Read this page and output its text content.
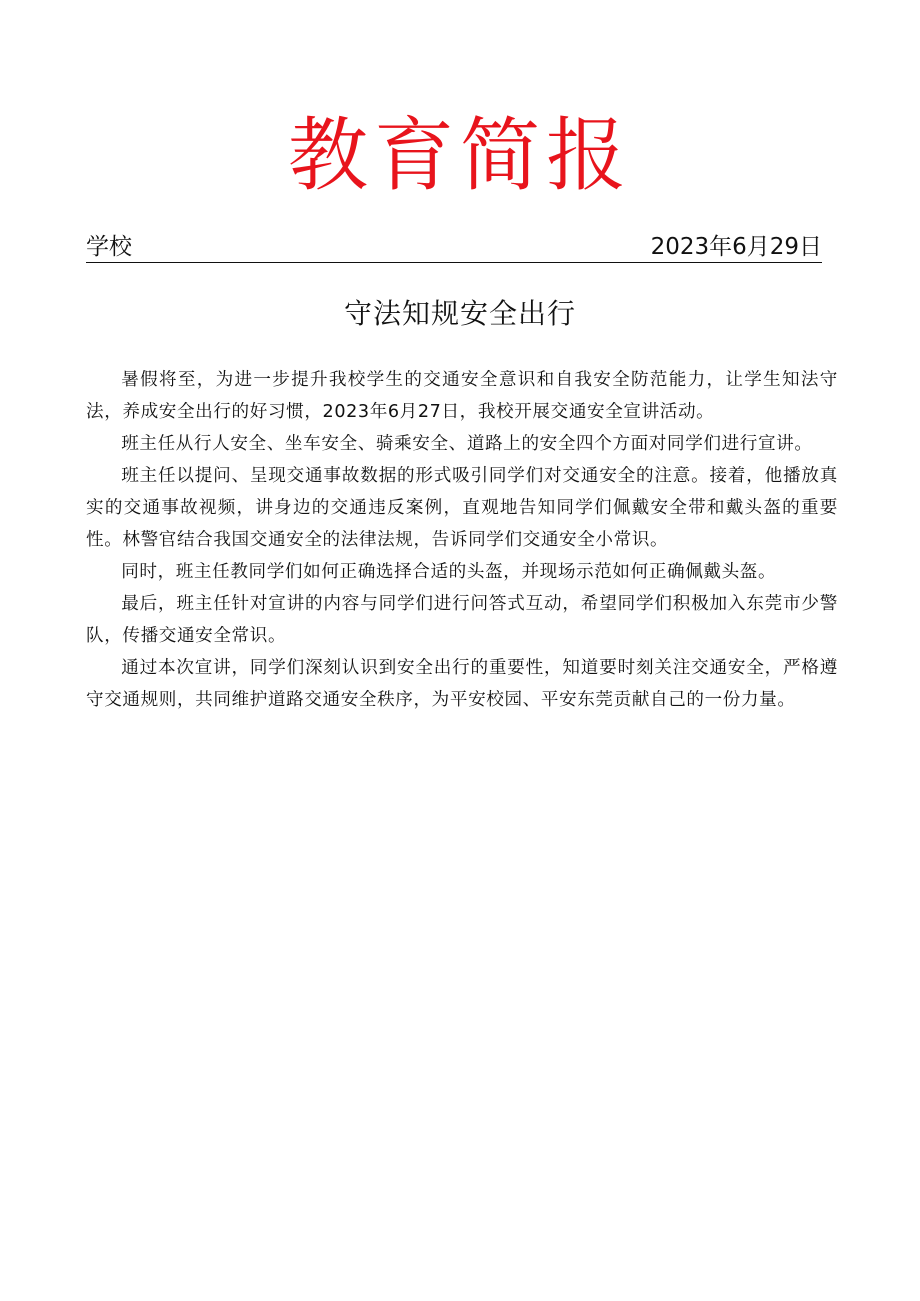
教育简报
学校	2023年6月29日
守法知规安全出行

暑假将至，为进一步提升我校学生的交通安全意识和自我安全防范能力，让学生知法守法，养成安全出行的好习惯，2023年6月27日，我校开展交通安全宣讲活动。

班主任从行人安全、坐车安全、骑乘安全、道路上的安全四个方面对同学们进行宣讲。

班主任以提问、呈现交通事故数据的形式吸引同学们对交通安全的注意。接着，他播放真实的交通事故视频，讲身边的交通违反案例，直观地告知同学们佩戴安全带和戴头盔的重要性。林警官结合我国交通安全的法律法规，告诉同学们交通安全小常识。

同时，班主任教同学们如何正确选择合适的头盔，并现场示范如何正确佩戴头盔。

最后，班主任针对宣讲的内容与同学们进行问答式互动，希望同学们积极加入东莞市少警队，传播交通安全常识。

通过本次宣讲，同学们深刻认识到安全出行的重要性，知道要时刻关注交通安全，严格遵守交通规则，共同维护道路交通安全秩序，为平安校园、平安东莞贡献自己的一份力量。
